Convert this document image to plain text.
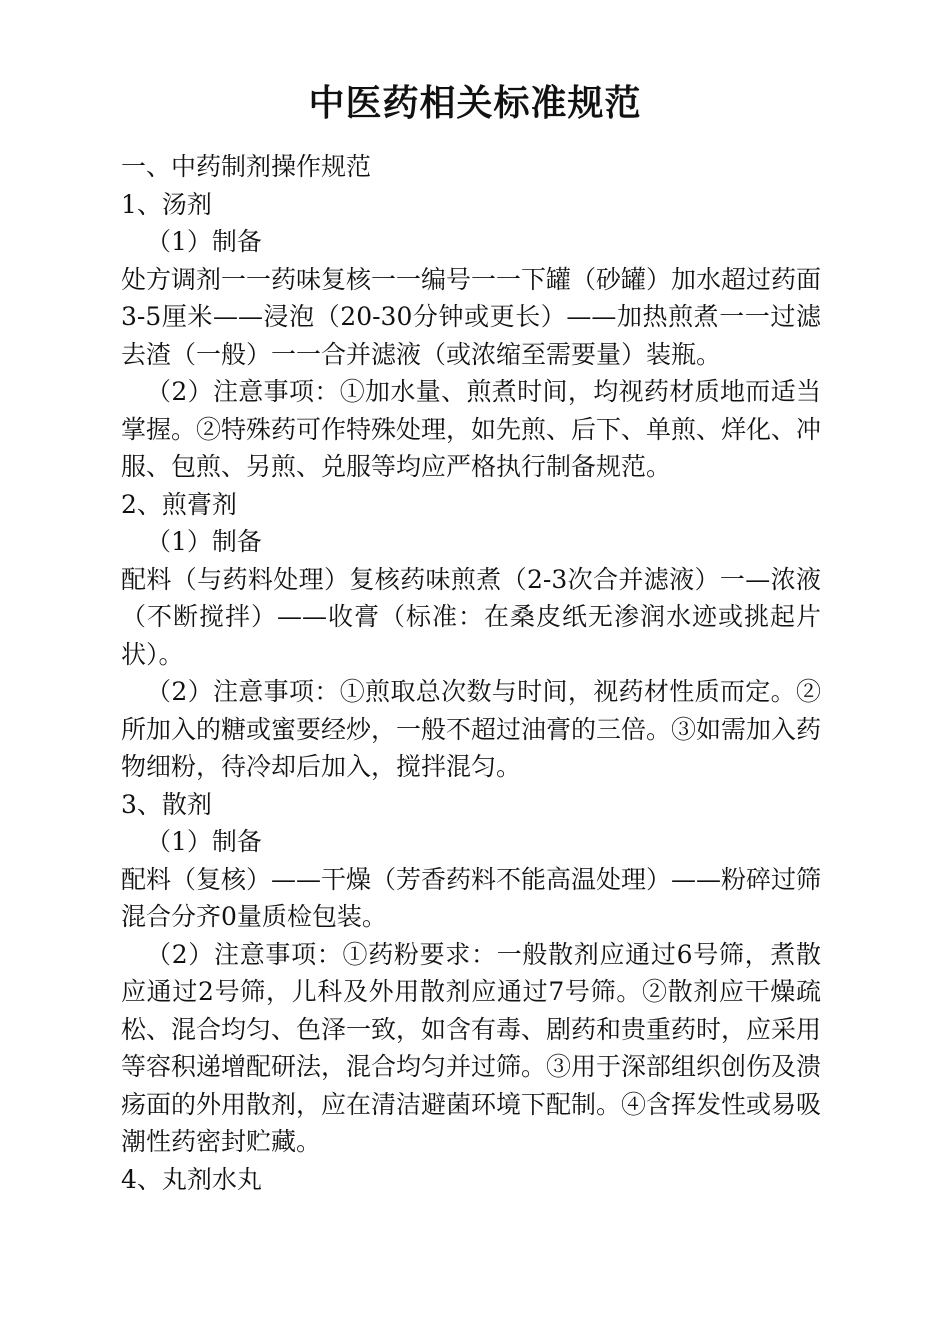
中医药相关标准规范

一、中药制剂操作规范

1、汤剂

（1）制备

处方调剂一一药味复核一一编号一一下罐（砂罐）加水超过药面3-5厘米——浸泡（20-30分钟或更长）——加热煎煮一一过滤去渣（一般）一一合并滤液（或浓缩至需要量）装瓶。

（2）注意事项：①加水量、煎煮时间，均视药材质地而适当掌握。②特殊药可作特殊处理，如先煎、后下、单煎、烊化、冲服、包煎、另煎、兑服等均应严格执行制备规范。

2、煎膏剂

（1）制备

配料（与药料处理）复核药味煎煮（2-3次合并滤液）一—浓液（不断搅拌）——收膏（标准：在桑皮纸无渗润水迹或挑起片状）。

（2）注意事项：①煎取总次数与时间，视药材性质而定。②所加入的糖或蜜要经炒，一般不超过油膏的三倍。③如需加入药物细粉，待冷却后加入，搅拌混匀。

3、散剂

（1）制备

配料（复核）——干燥（芳香药料不能高温处理）——粉碎过筛混合分齐0量质检包装。

（2）注意事项：①药粉要求：一般散剂应通过6号筛，煮散应通过2号筛，儿科及外用散剂应通过7号筛。②散剂应干燥疏松、混合均匀、色泽一致，如含有毒、剧药和贵重药时，应采用等容积递增配研法，混合均匀并过筛。③用于深部组织创伤及溃疡面的外用散剂，应在清洁避菌环境下配制。④含挥发性或易吸潮性药密封贮藏。

4、丸剂水丸
